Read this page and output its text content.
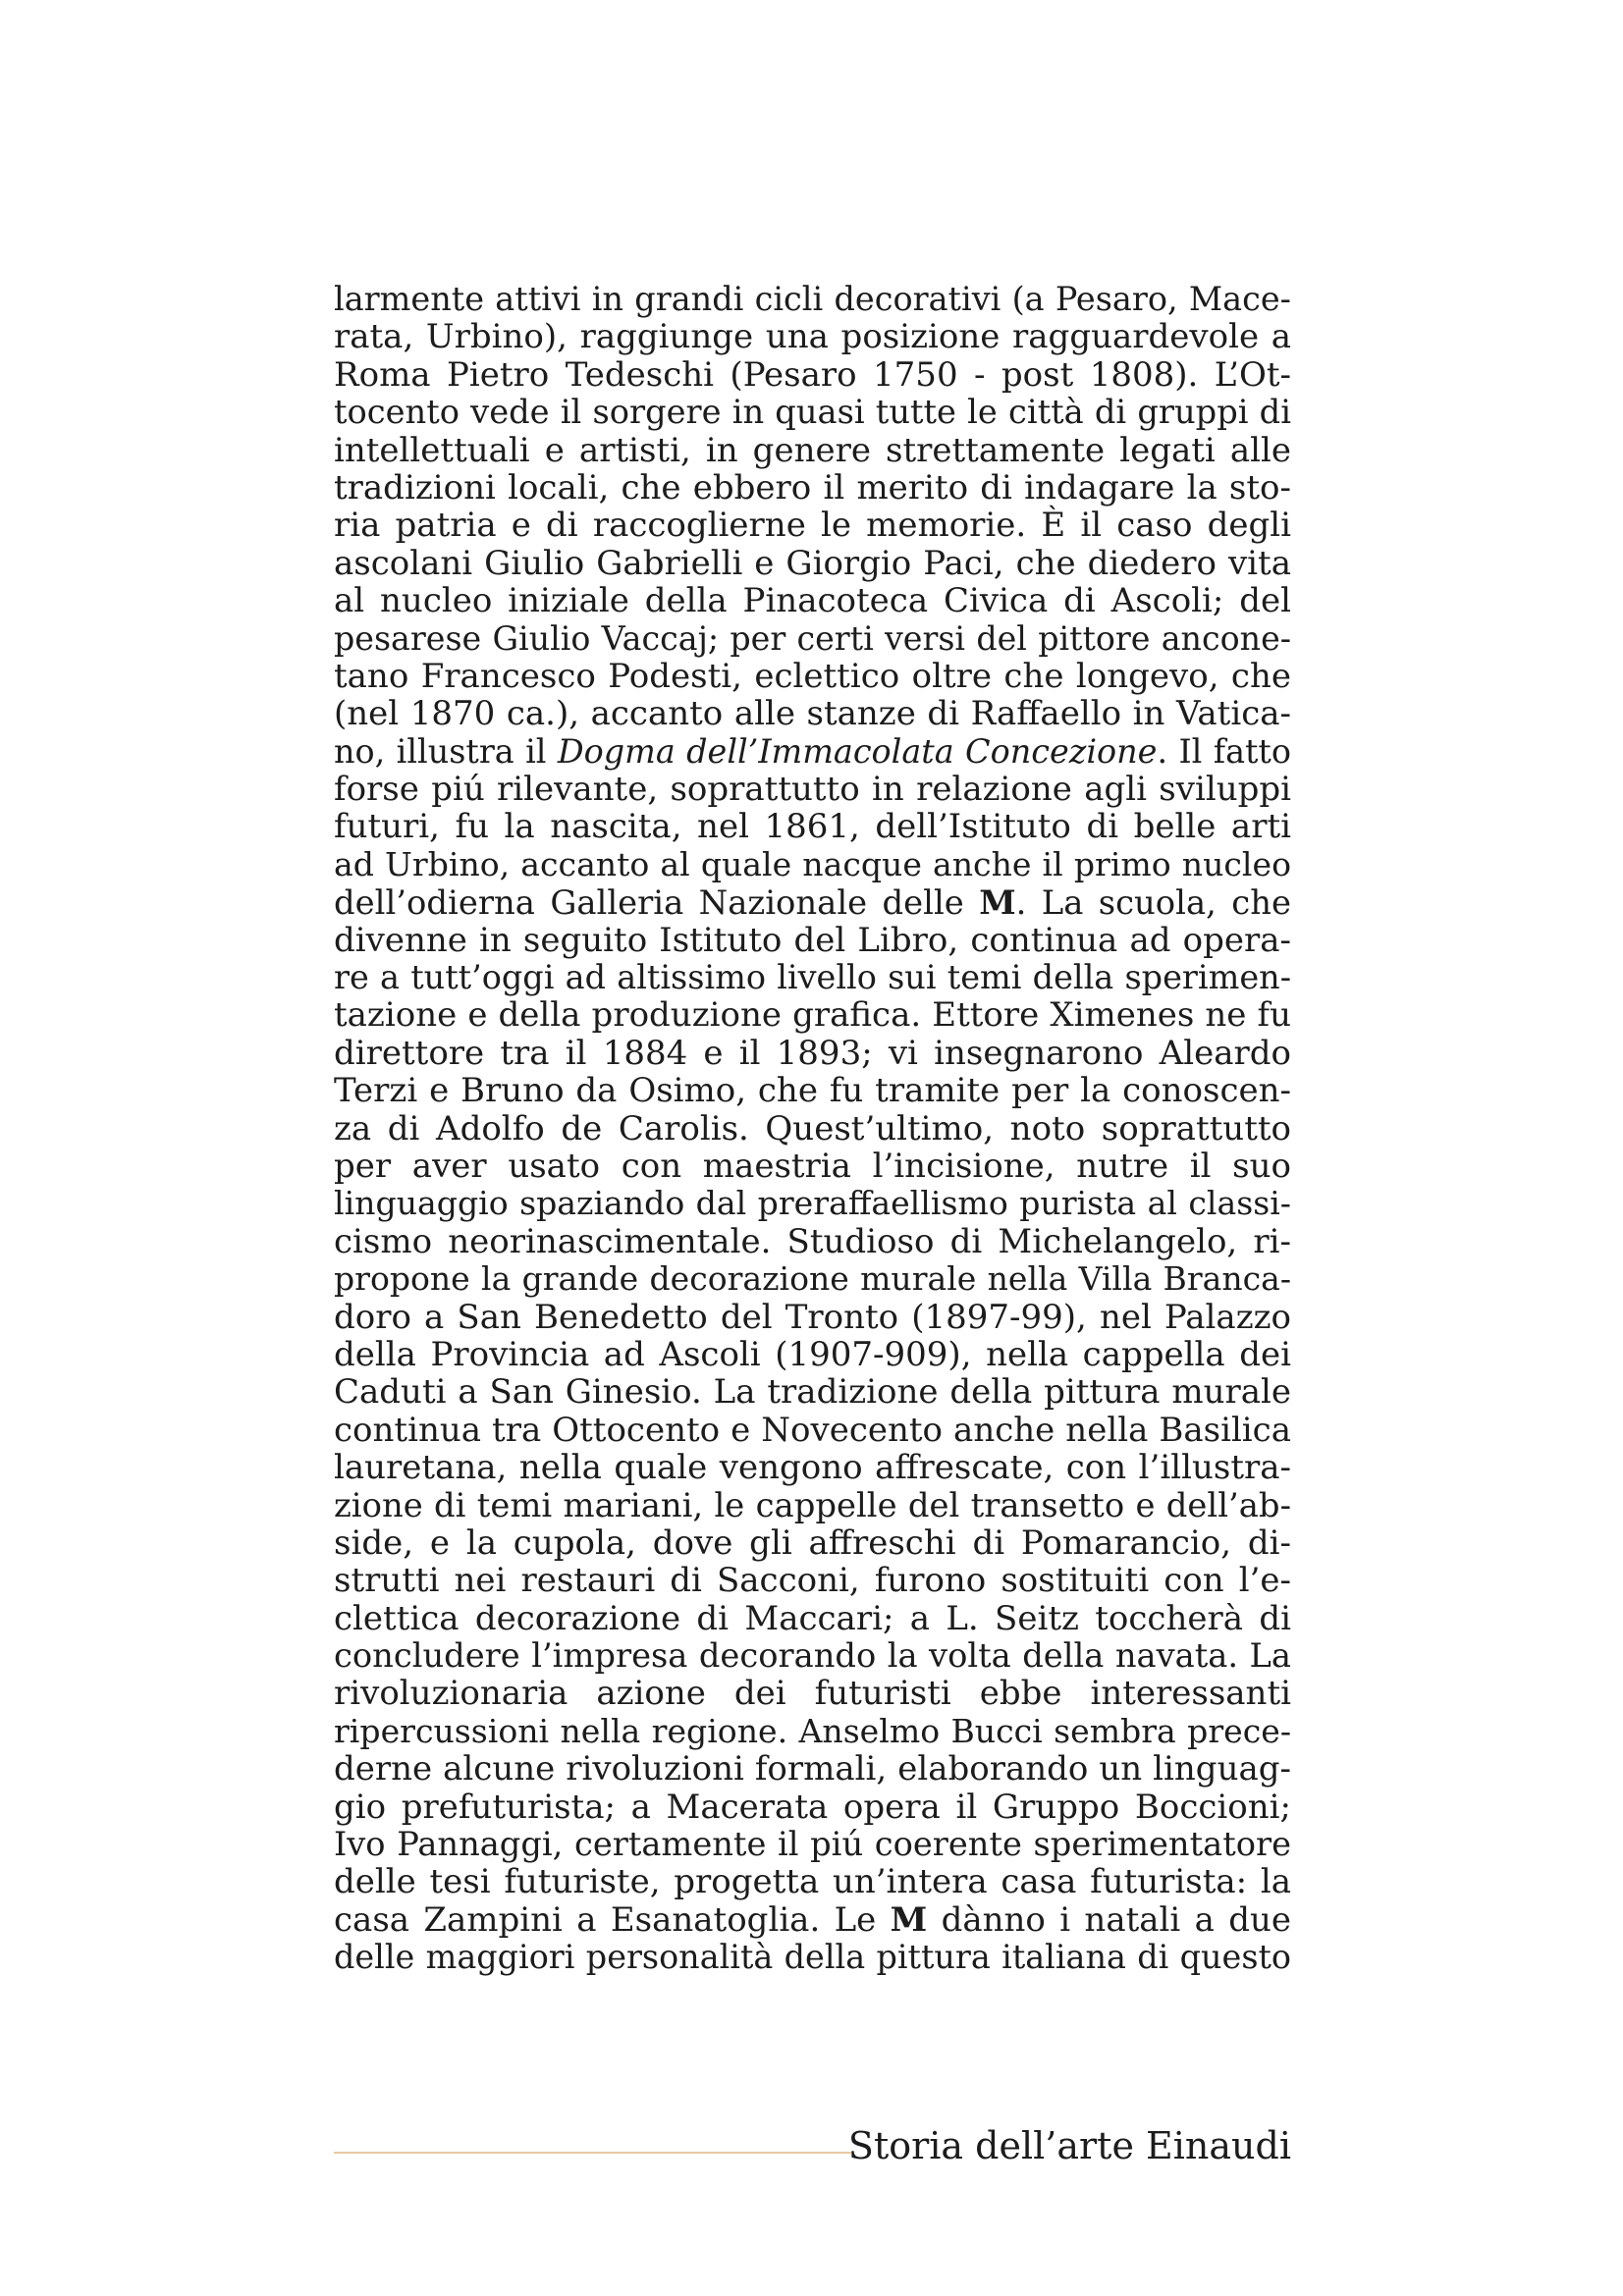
larmente attivi in grandi cicli decorativi (a Pesaro, Mace-
rata, Urbino), raggiunge una posizione ragguardevole a
Roma Pietro Tedeschi (Pesaro 1750 - post 1808). L’Ot-
tocento vede il sorgere in quasi tutte le città di gruppi di
intellettuali e artisti, in genere strettamente legati alle
tradizioni locali, che ebbero il merito di indagare la sto-
ria patria e di raccoglierne le memorie. È il caso degli
ascolani Giulio Gabrielli e Giorgio Paci, che diedero vita
al nucleo iniziale della Pinacoteca Civica di Ascoli; del
pesarese Giulio Vaccaj; per certi versi del pittore ancone-
tano Francesco Podesti, eclettico oltre che longevo, che
(nel 1870 ca.), accanto alle stanze di Raffaello in Vatica-
no, illustra il Dogma dell’Immacolata Concezione. Il fatto
forse piú rilevante, soprattutto in relazione agli sviluppi
futuri, fu la nascita, nel 1861, dell’Istituto di belle arti
ad Urbino, accanto al quale nacque anche il primo nucleo
dell’odierna Galleria Nazionale delle M. La scuola, che
divenne in seguito Istituto del Libro, continua ad opera-
re a tutt’oggi ad altissimo livello sui temi della sperimen-
tazione e della produzione grafica. Ettore Ximenes ne fu
direttore tra il 1884 e il 1893; vi insegnarono Aleardo
Terzi e Bruno da Osimo, che fu tramite per la conoscen-
za di Adolfo de Carolis. Quest’ultimo, noto soprattutto
per aver usato con maestria l’incisione, nutre il suo
linguaggio spaziando dal preraffaellismo purista al classi-
cismo neorinascimentale. Studioso di Michelangelo, ri-
propone la grande decorazione murale nella Villa Branca-
doro a San Benedetto del Tronto (1897-99), nel Palazzo
della Provincia ad Ascoli (1907-909), nella cappella dei
Caduti a San Ginesio. La tradizione della pittura murale
continua tra Ottocento e Novecento anche nella Basilica
lauretana, nella quale vengono affrescate, con l’illustra-
zione di temi mariani, le cappelle del transetto e dell’ab-
side, e la cupola, dove gli affreschi di Pomarancio, di-
strutti nei restauri di Sacconi, furono sostituiti con l’e-
clettica decorazione di Maccari; a L. Seitz toccherà di
concludere l’impresa decorando la volta della navata. La
rivoluzionaria azione dei futuristi ebbe interessanti
ripercussioni nella regione. Anselmo Bucci sembra prece-
derne alcune rivoluzioni formali, elaborando un linguag-
gio prefuturista; a Macerata opera il Gruppo Boccioni;
Ivo Pannaggi, certamente il piú coerente sperimentatore
delle tesi futuriste, progetta un’intera casa futurista: la
casa Zampini a Esanatoglia. Le M dànno i natali a due
delle maggiori personalità della pittura italiana di questo
Storia dell’arte Einaudi
